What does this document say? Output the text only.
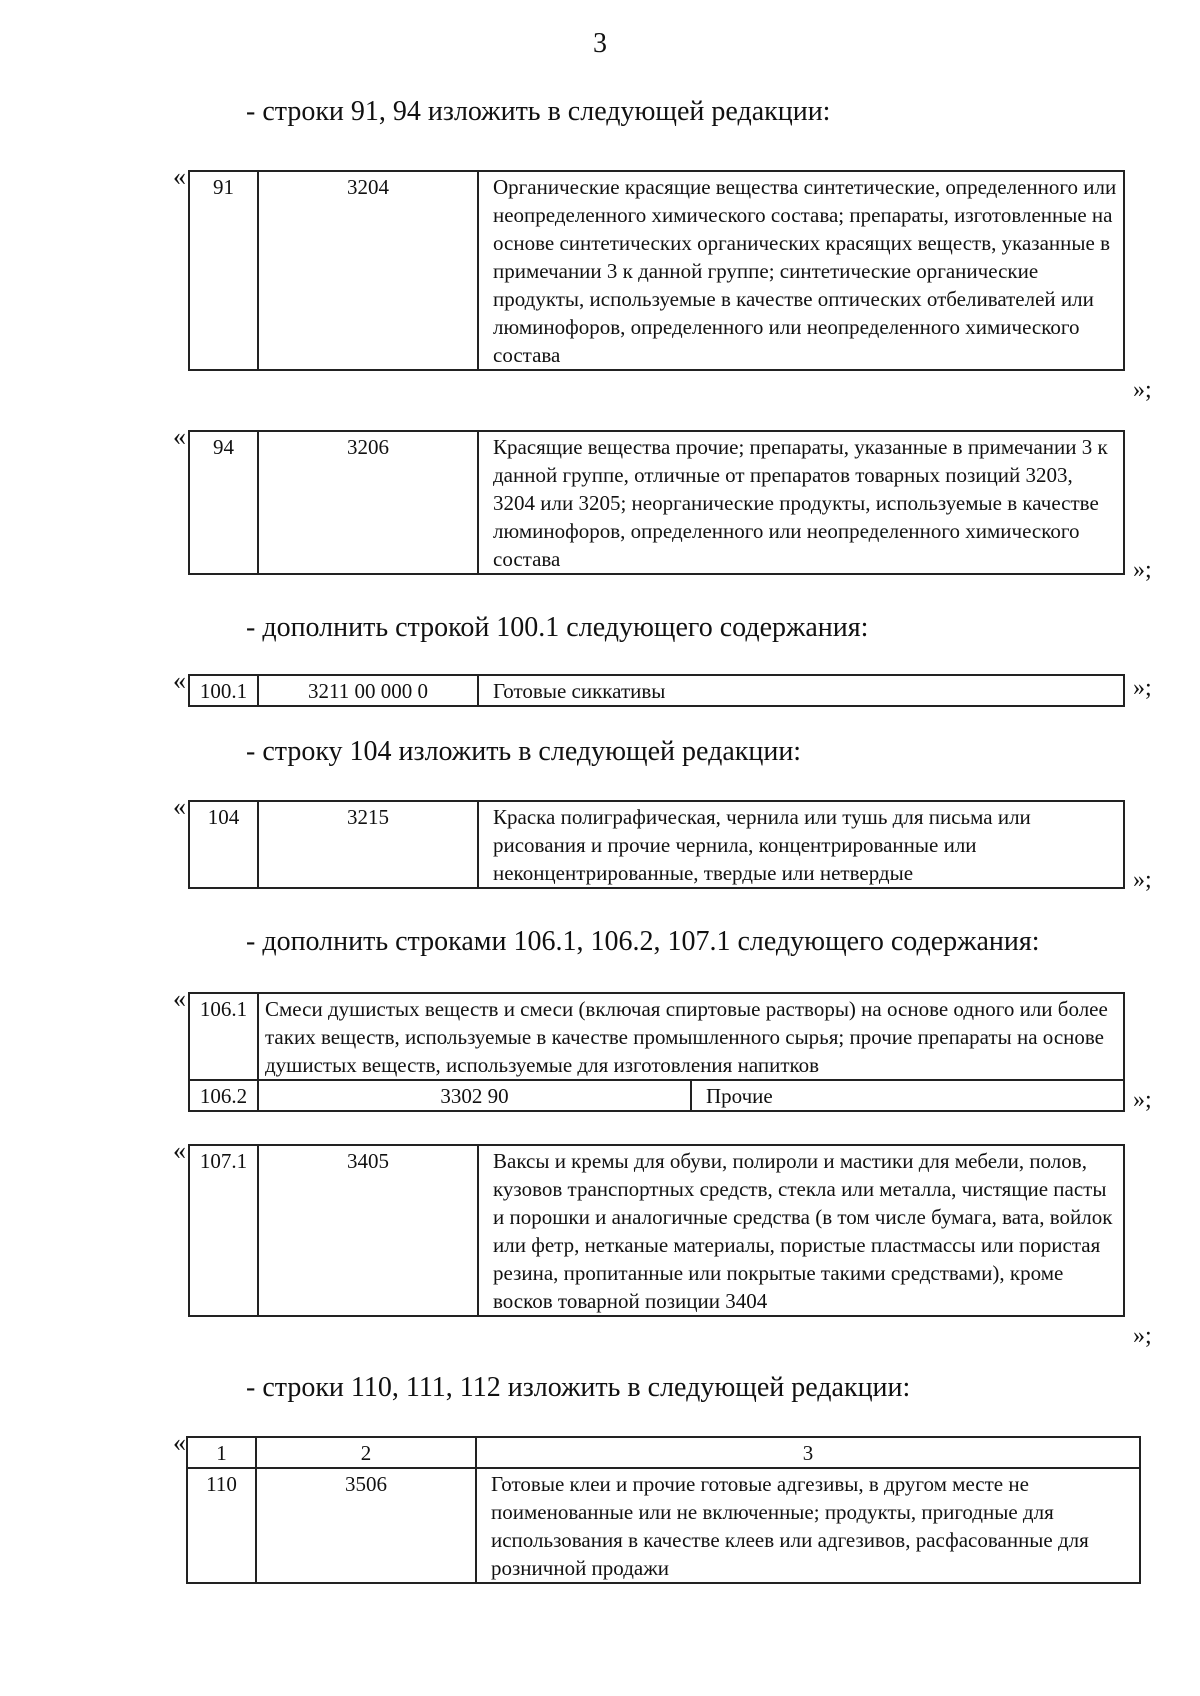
3
- строки 91, 94 изложить в следующей редакции:
« 91	3204	Органические красящие вещества синтетические, определенного или неопределенного химического состава; препараты, изготовленные на основе синтетических органических красящих веществ, указанные в примечании 3 к данной группе; синтетические органические продукты, используемые в качестве оптических отбеливателей или люминофоров, определенного или неопределенного химического состава
»;
« 94	3206	Красящие вещества прочие; препараты, указанные в примечании 3 к данной группе, отличные от препаратов товарных позиций 3203, 3204 или 3205; неорганические продукты, используемые в качестве люминофоров, определенного или неопределенного химического состава	»;
- дополнить строкой 100.1 следующего содержания:
« 100.1	3211 00 000 0	Готовые сиккативы	»;
- строку 104 изложить в следующей редакции:
« 104	3215	Краска полиграфическая, чернила или тушь для письма или рисования и прочие чернила, концентрированные или неконцентрированные, твердые или нетвердые	»;
- дополнить строками 106.1, 106.2, 107.1 следующего содержания:
« 106.1	Смеси душистых веществ и смеси (включая спиртовые растворы) на основе одного или более таких веществ, используемые в качестве промышленного сырья; прочие препараты на основе душистых веществ, используемые для изготовления напитков	
106.2	3302 90	Прочие	»;
« 107.1	3405	Ваксы и кремы для обуви, полироли и мастики для мебели, полов, кузовов транспортных средств, стекла или металла, чистящие пасты и порошки и аналогичные средства (в том числе бумага, вата, войлок или фетр, нетканые материалы, пористые пластмассы или пористая резина, пропитанные или покрытые такими средствами), кроме восков товарной позиции 3404
»;
- строки 110, 111, 112 изложить в следующей редакции:
« 1	2	3
110	3506	Готовые клеи и прочие готовые адгезивы, в другом месте не поименованные или не включенные; продукты, пригодные для использования в качестве клеев или адгезивов, расфасованные для розничной продажи
